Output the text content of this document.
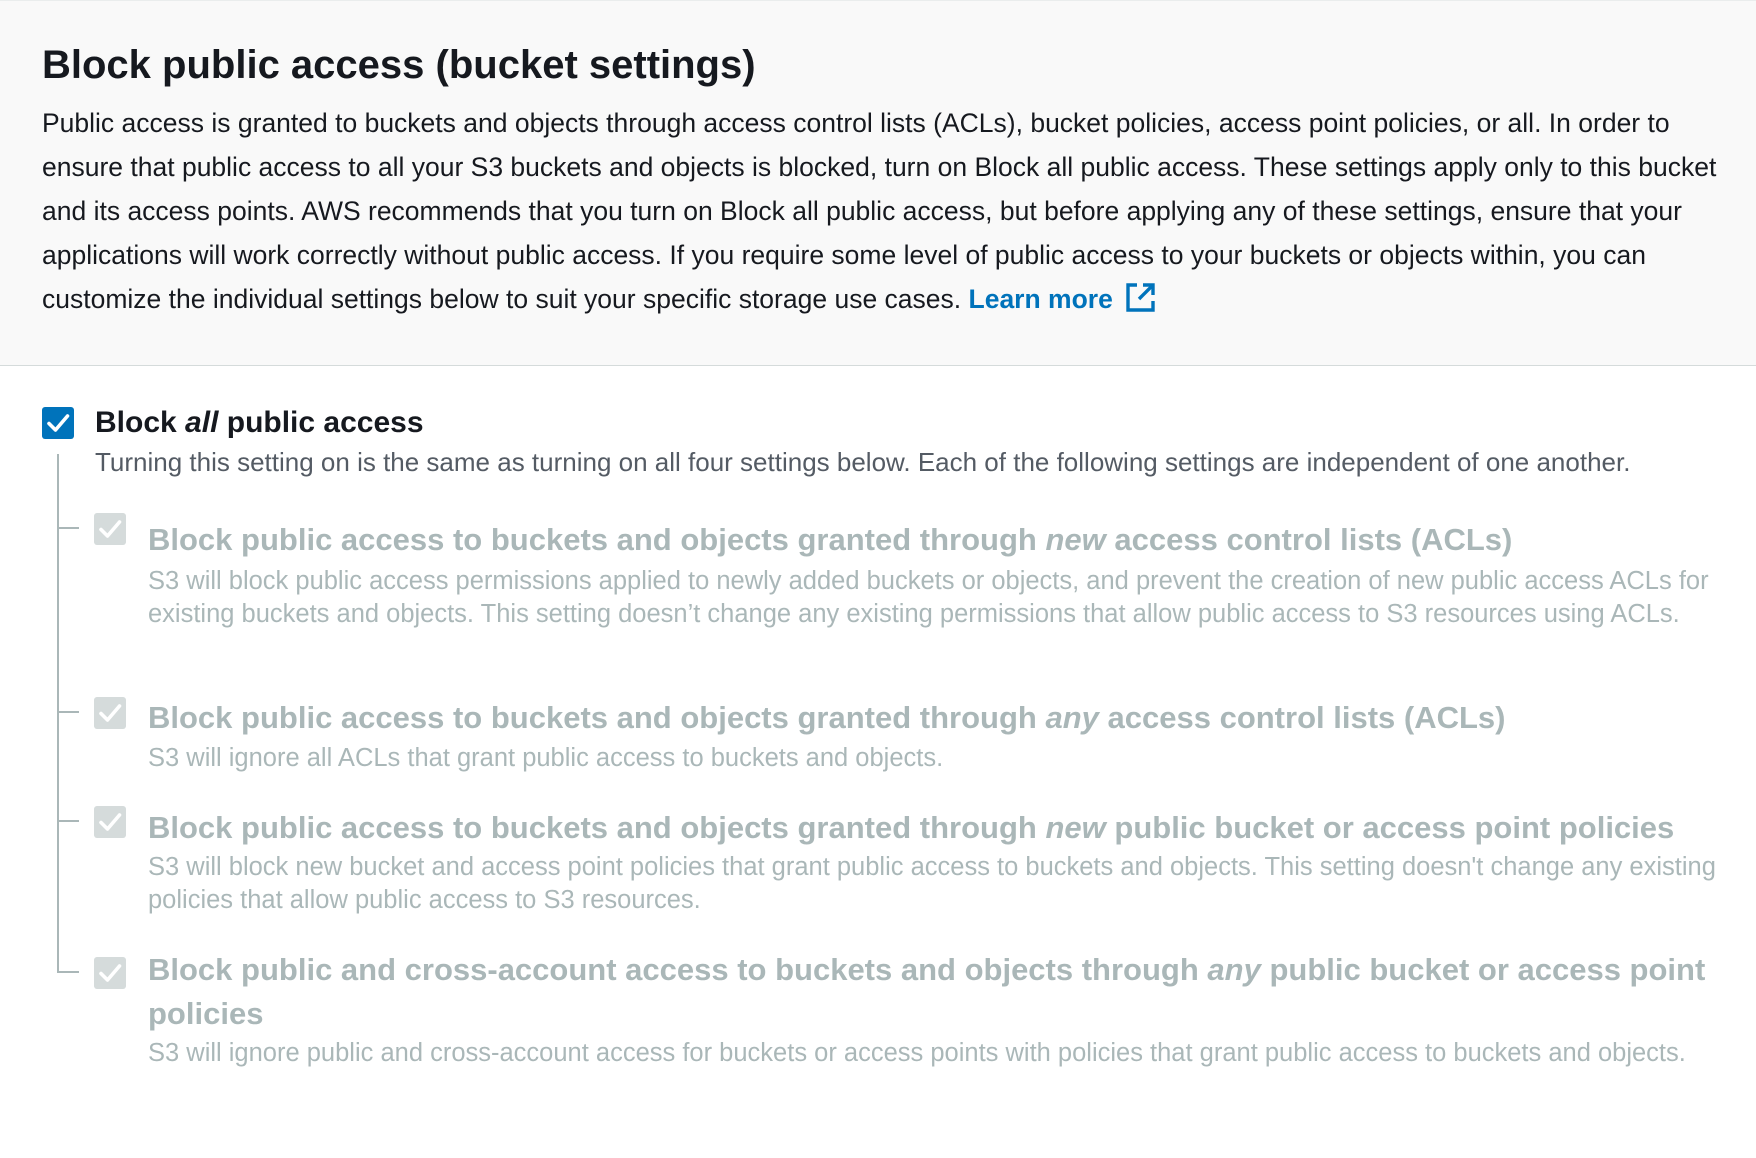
Block public access (bucket settings)
Public access is granted to buckets and objects through access control lists (ACLs), bucket policies, access point policies, or all. In order to ensure that public access to all your S3 buckets and objects is blocked, turn on Block all public access. These settings apply only to this bucket and its access points. AWS recommends that you turn on Block all public access, but before applying any of these settings, ensure that your applications will work correctly without public access. If you require some level of public access to your buckets or objects within, you can customize the individual settings below to suit your specific storage use cases. Learn more
Block all public access
Turning this setting on is the same as turning on all four settings below. Each of the following settings are independent of one another.
Block public access to buckets and objects granted through new access control lists (ACLs)
S3 will block public access permissions applied to newly added buckets or objects, and prevent the creation of new public access ACLs for existing buckets and objects. This setting doesn’t change any existing permissions that allow public access to S3 resources using ACLs.
Block public access to buckets and objects granted through any access control lists (ACLs)
S3 will ignore all ACLs that grant public access to buckets and objects.
Block public access to buckets and objects granted through new public bucket or access point policies
S3 will block new bucket and access point policies that grant public access to buckets and objects. This setting doesn't change any existing policies that allow public access to S3 resources.
Block public and cross-account access to buckets and objects through any public bucket or access point policies
S3 will ignore public and cross-account access for buckets or access points with policies that grant public access to buckets and objects.
